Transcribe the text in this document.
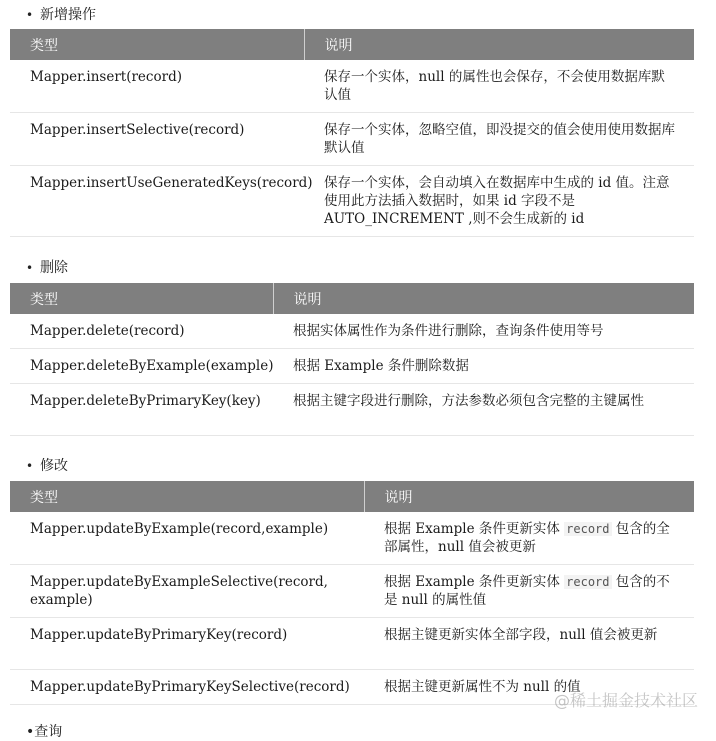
• 新增操作
类型	说明
Mapper.insert(record)	保存一个实体，null 的属性也会保存，不会使用数据库默认值
Mapper.insertSelective(record)	保存一个实体，忽略空值，即没提交的值会使用使用数据库默认值
Mapper.insertUseGeneratedKeys(record)	保存一个实体，会自动填入在数据库中生成的 id 值。注意使用此方法插入数据时，如果 id 字段不是 AUTO_INCREMENT ,则不会生成新的 id
• 删除
类型	说明
Mapper.delete(record)	根据实体属性作为条件进行删除，查询条件使用等号
Mapper.deleteByExample(example)	根据 Example 条件删除数据
Mapper.deleteByPrimaryKey(key)	根据主键字段进行删除，方法参数必须包含完整的主键属性
• 修改
类型	说明
Mapper.updateByExample(record,example)	根据 Example 条件更新实体 record 包含的全部属性，null 值会被更新
Mapper.updateByExampleSelective(record, example)	根据 Example 条件更新实体 record 包含的不是 null 的属性值
Mapper.updateByPrimaryKey(record)	根据主键更新实体全部字段，null 值会被更新
Mapper.updateByPrimaryKeySelective(record)	根据主键更新属性不为 null 的值
@稀土掘金技术社区
•查询
